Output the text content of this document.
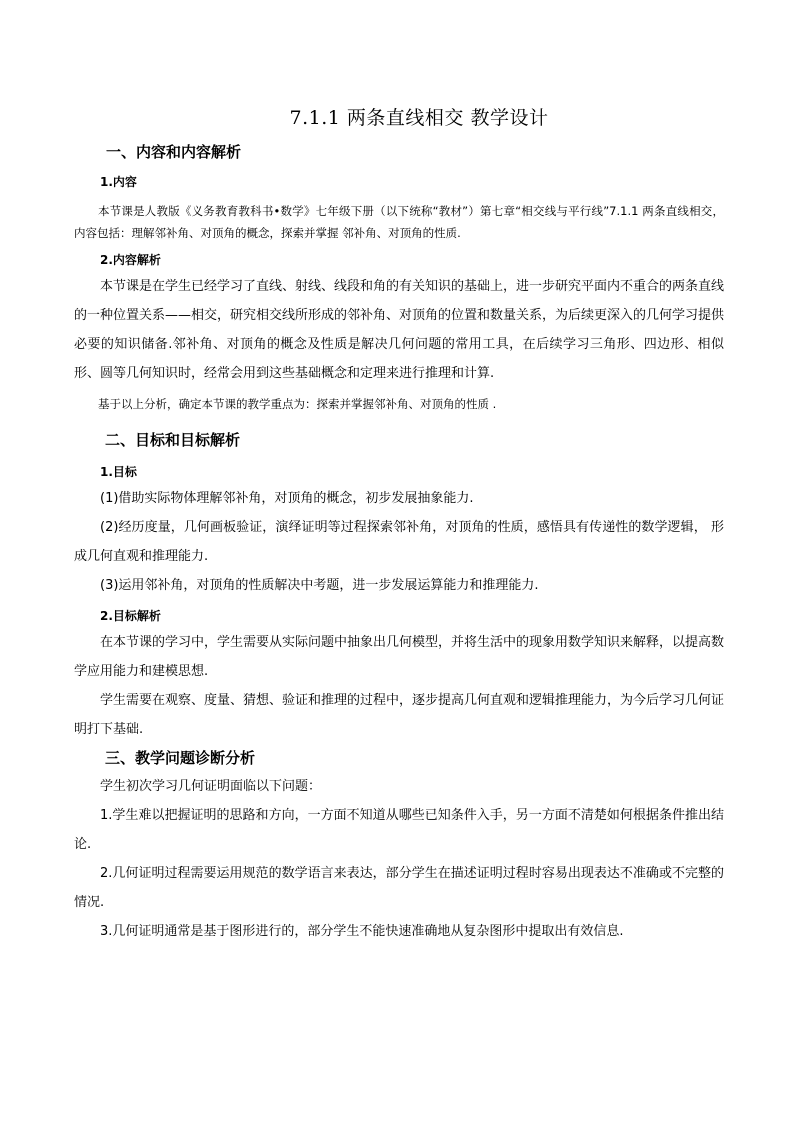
7.1.1 两条直线相交 教学设计
一、内容和内容解析
1.内容
本节课是人教版《义务教育教科书•数学》七年级下册（以下统称“教材”）第七章“相交线与平行线”7.1.1 两条直线相交，内容包括：理解邻补角、对顶角的概念，探索并掌握 邻补角、对顶角的性质.
2.内容解析
本节课是在学生已经学习了直线、射线、线段和角的有关知识的基础上，进一步研究平面内不重合的两条直线的一种位置关系——相交，研究相交线所形成的邻补角、对顶角的位置和数量关系，为后续更深入的几何学习提供必要的知识储备.邻补角、对顶角的概念及性质是解决几何问题的常用工具，在后续学习三角形、四边形、相似形、圆等几何知识时，经常会用到这些基础概念和定理来进行推理和计算.
基于以上分析，确定本节课的教学重点为：探索并掌握邻补角、对顶角的性质 .
二、目标和目标解析
1.目标
(1)借助实际物体理解邻补角，对顶角的概念，初步发展抽象能力.
(2)经历度量，几何画板验证，演绎证明等过程探索邻补角，对顶角的性质，感悟具有传递性的数学逻辑， 形成几何直观和推理能力.
(3)运用邻补角，对顶角的性质解决中考题，进一步发展运算能力和推理能力.
2.目标解析
在本节课的学习中，学生需要从实际问题中抽象出几何模型，并将生活中的现象用数学知识来解释，以提高数学应用能力和建模思想.
学生需要在观察、度量、猜想、验证和推理的过程中，逐步提高几何直观和逻辑推理能力，为今后学习几何证明打下基础.
三、教学问题诊断分析
学生初次学习几何证明面临以下问题：
1.学生难以把握证明的思路和方向，一方面不知道从哪些已知条件入手，另一方面不清楚如何根据条件推出结论.
2.几何证明过程需要运用规范的数学语言来表达，部分学生在描述证明过程时容易出现表达不准确或不完整的情况.
3.几何证明通常是基于图形进行的，部分学生不能快速准确地从复杂图形中提取出有效信息.
